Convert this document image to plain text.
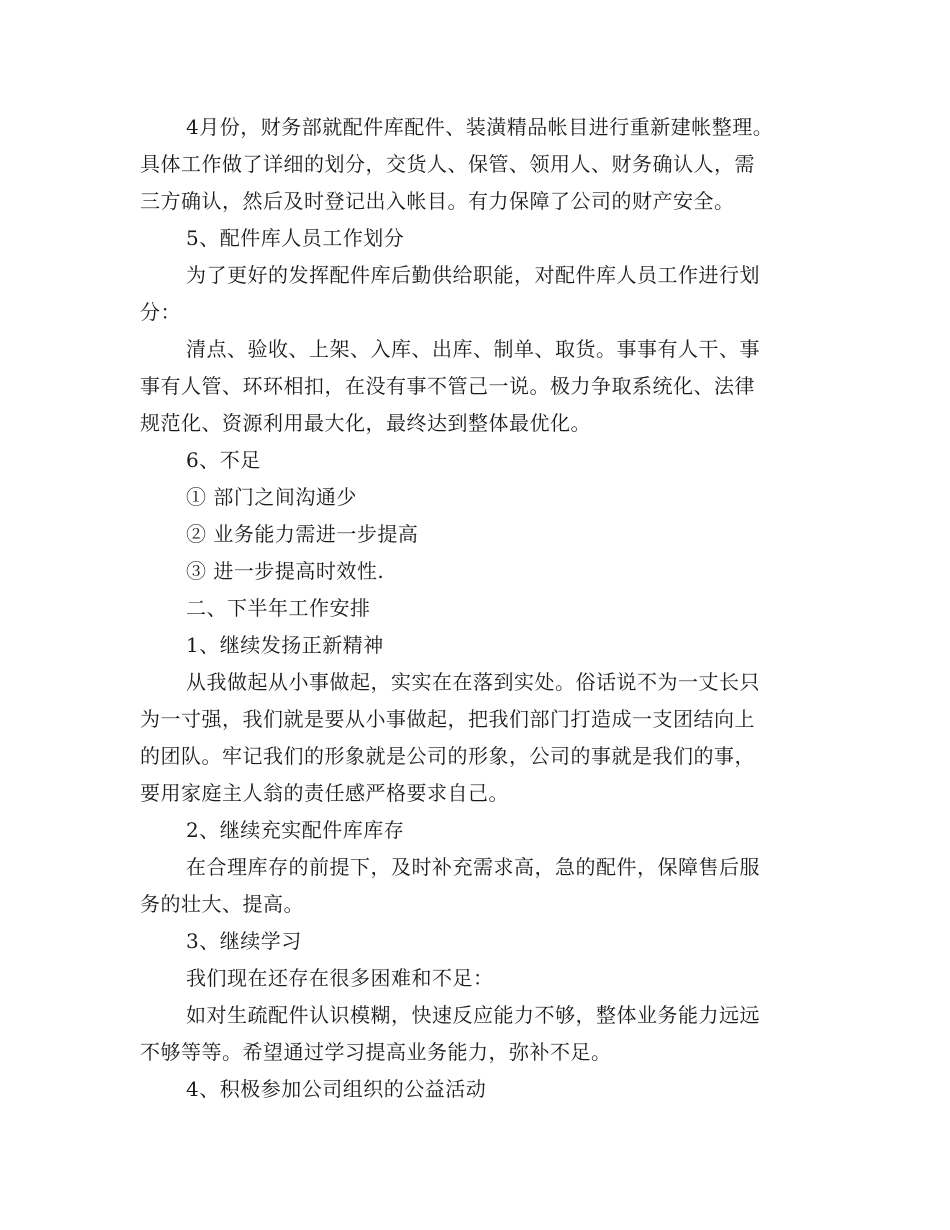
4月份，财务部就配件库配件、装潢精品帐目进行重新建帐整理。
具体工作做了详细的划分，交货人、保管、领用人、财务确认人，需
三方确认，然后及时登记出入帐目。有力保障了公司的财产安全。
5、配件库人员工作划分
为了更好的发挥配件库后勤供给职能，对配件库人员工作进行划
分：
清点、验收、上架、入库、出库、制单、取货。事事有人干、事
事有人管、环环相扣，在没有事不管己一说。极力争取系统化、法律
规范化、资源利用最大化，最终达到整体最优化。
6、不足
① 部门之间沟通少
② 业务能力需进一步提高
③ 进一步提高时效性.
二、下半年工作安排
1、继续发扬正新精神
从我做起从小事做起，实实在在落到实处。俗话说不为一丈长只
为一寸强，我们就是要从小事做起，把我们部门打造成一支团结向上
的团队。牢记我们的形象就是公司的形象，公司的事就是我们的事，
要用家庭主人翁的责任感严格要求自己。
2、继续充实配件库库存
在合理库存的前提下，及时补充需求高，急的配件，保障售后服
务的壮大、提高。
3、继续学习
我们现在还存在很多困难和不足：
如对生疏配件认识模糊，快速反应能力不够，整体业务能力远远
不够等等。希望通过学习提高业务能力，弥补不足。
4、积极参加公司组织的公益活动
